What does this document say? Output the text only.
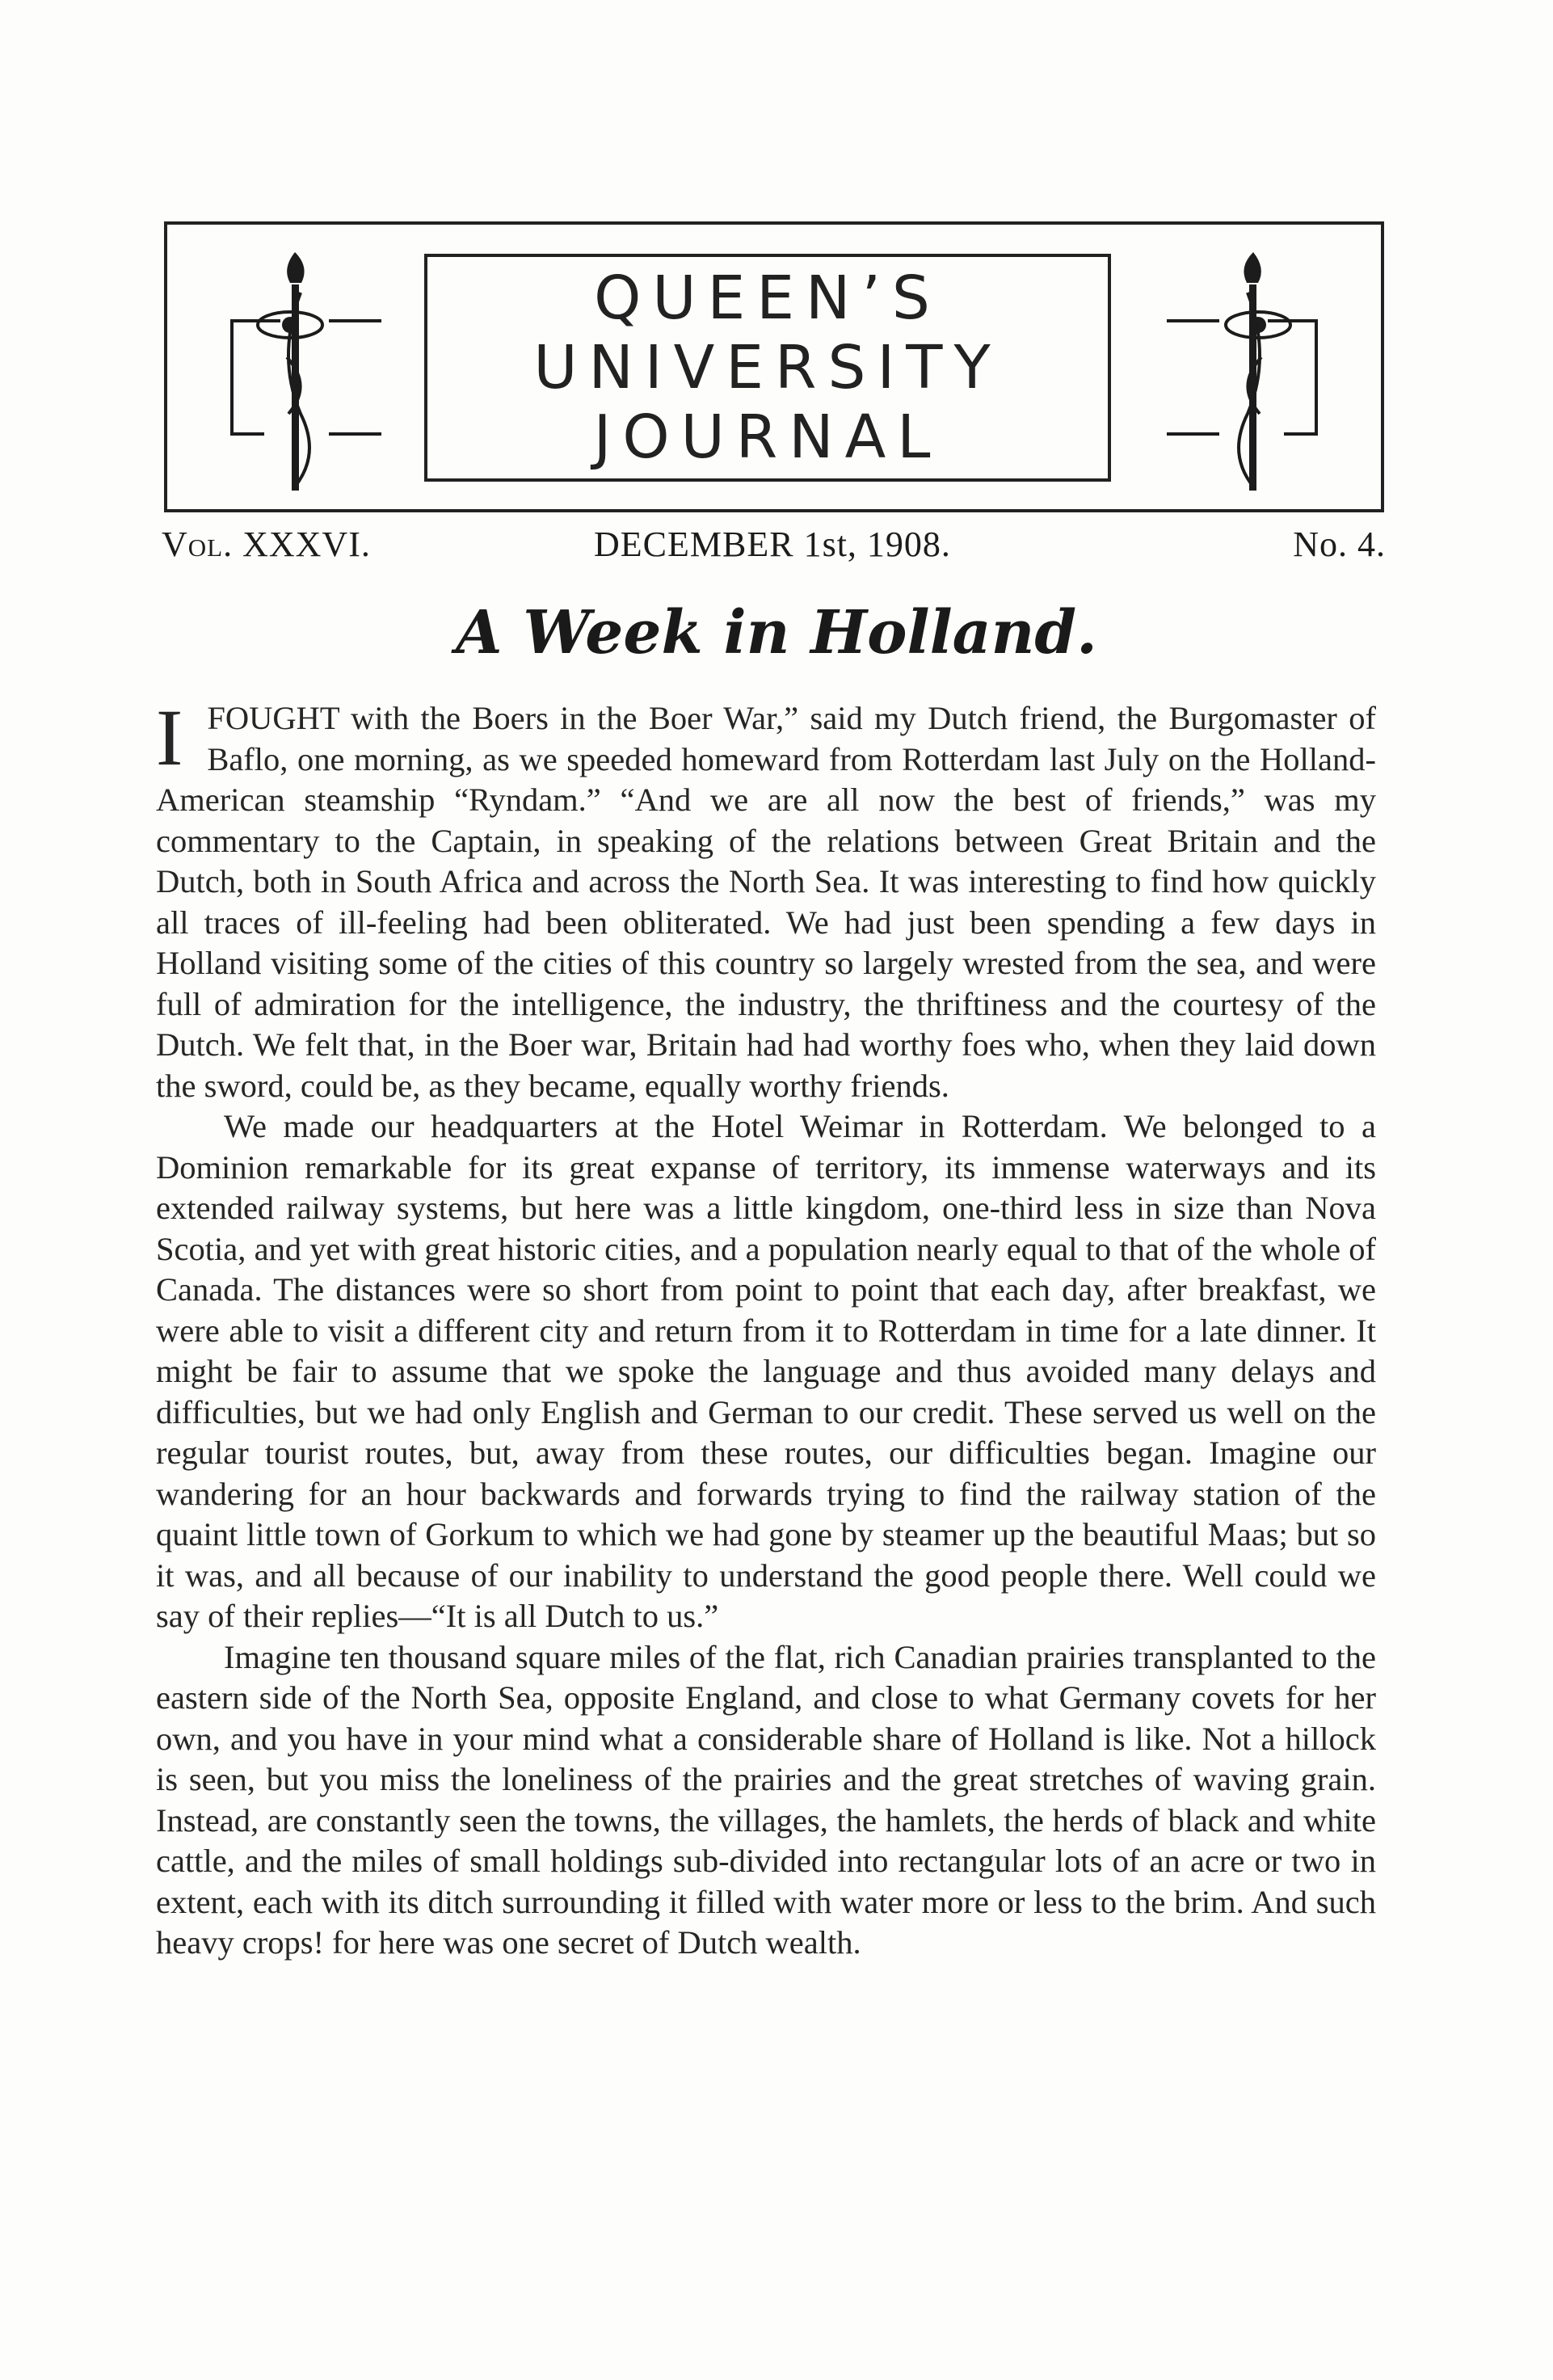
QUEEN’S
UNIVERSITY
JOURNAL
Vol. XXXVI.	DECEMBER 1st, 1908.	No. 4.
A Week in Holland.

IFOUGHT with the Boers in the Boer War,” said my Dutch friend, the Burgomaster of Baflo, one morning, as we speeded homeward from Rotterdam last July on the Holland-American steamship “Ryndam.” “And we are all now the best of friends,” was my commentary to the Captain, in speaking of the relations between Great Britain and the Dutch, both in South Africa and across the North Sea. It was interesting to find how quickly all traces of ill-feeling had been obliterated. We had just been spending a few days in Holland visiting some of the cities of this country so largely wrested from the sea, and were full of admiration for the intelligence, the industry, the thriftiness and the courtesy of the Dutch. We felt that, in the Boer war, Britain had had worthy foes who, when they laid down the sword, could be, as they became, equally worthy friends.

We made our headquarters at the Hotel Weimar in Rotterdam. We belonged to a Dominion remarkable for its great expanse of territory, its immense waterways and its extended railway systems, but here was a little kingdom, one-third less in size than Nova Scotia, and yet with great historic cities, and a population nearly equal to that of the whole of Canada. The distances were so short from point to point that each day, after breakfast, we were able to visit a different city and return from it to Rotterdam in time for a late dinner. It might be fair to assume that we spoke the language and thus avoided many delays and difficulties, but we had only English and German to our credit. These served us well on the regular tourist routes, but, away from these routes, our difficulties began. Imagine our wandering for an hour backwards and forwards trying to find the railway station of the quaint little town of Gorkum to which we had gone by steamer up the beautiful Maas; but so it was, and all because of our inability to understand the good people there. Well could we say of their replies—“It is all Dutch to us.”

Imagine ten thousand square miles of the flat, rich Canadian prairies transplanted to the eastern side of the North Sea, opposite England, and close to what Germany covets for her own, and you have in your mind what a considerable share of Holland is like. Not a hillock is seen, but you miss the loneliness of the prairies and the great stretches of waving grain. Instead, are constantly seen the towns, the villages, the hamlets, the herds of black and white cattle, and the miles of small holdings sub-divided into rectangular lots of an acre or two in extent, each with its ditch surrounding it filled with water more or less to the brim. And such heavy crops! for here was one secret of Dutch wealth.
